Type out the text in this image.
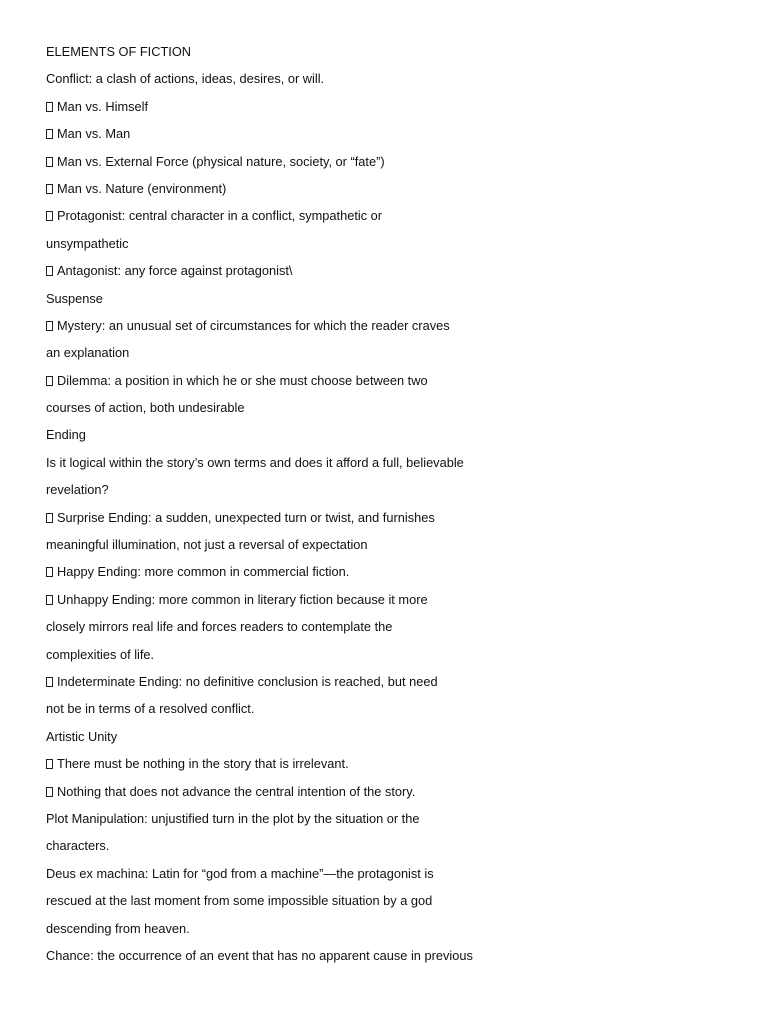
ELEMENTS OF FICTION
Conflict: a clash of actions, ideas, desires, or will.
Man vs. Himself
Man vs. Man
Man vs. External Force (physical nature, society, or “fate”)
Man vs. Nature (environment)
Protagonist: central character in a conflict, sympathetic or
unsympathetic
Antagonist: any force against protagonist\
Suspense
Mystery: an unusual set of circumstances for which the reader craves
an explanation
Dilemma: a position in which he or she must choose between two
courses of action, both undesirable
Ending
Is it logical within the story’s own terms and does it afford a full, believable
revelation?
Surprise Ending: a sudden, unexpected turn or twist, and furnishes
meaningful illumination, not just a reversal of expectation
Happy Ending: more common in commercial fiction.
Unhappy Ending: more common in literary fiction because it more
closely mirrors real life and forces readers to contemplate the
complexities of life.
Indeterminate Ending: no definitive conclusion is reached, but need
not be in terms of a resolved conflict.
Artistic Unity
There must be nothing in the story that is irrelevant.
Nothing that does not advance the central intention of the story.
Plot Manipulation: unjustified turn in the plot by the situation or the
characters.
Deus ex machina: Latin for “god from a machine”—the protagonist is
rescued at the last moment from some impossible situation by a god
descending from heaven.
Chance: the occurrence of an event that has no apparent cause in previous
